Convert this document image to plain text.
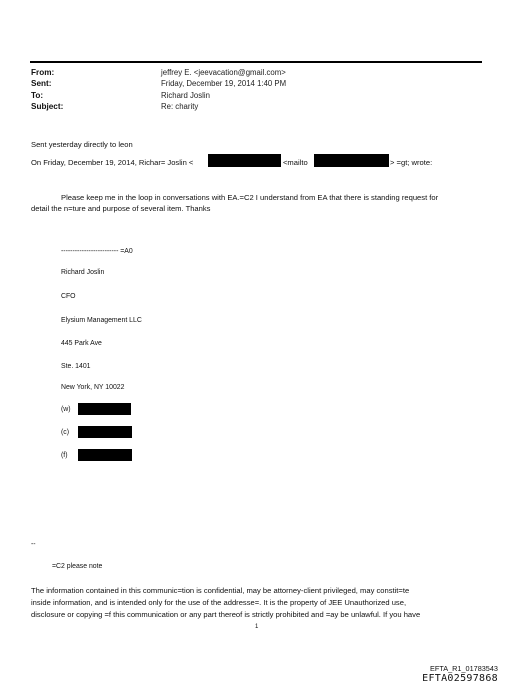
From:	jeffrey E. <jeevacation@gmail.com>
Sent:	Friday, December 19, 2014 1:40 PM
To:	Richard Joslin
Subject:	Re: charity
Sent yesterday directly to leon
On Friday, December 19, 2014, Richar= Joslin <	<mailto	> =gt; wrote:
Please keep me in the loop in conversations with EA.=C2 I understand from EA that there is standing request for
detail the n=ture and purpose of several item. Thanks
------------------------- =A0
Richard Joslin
CFO
Elysium Management LLC
445 Park Ave
Ste. 1401
New York, NY 10022
(w)
(c)
(f)
--
=C2 please note
The information contained in this communic=tion is confidential, may be attorney-client privileged, may constit=te
inside information, and is intended only for the use of the addresse=. It is the property of JEE Unauthorized use,
disclosure or copying =f this communication or any part thereof is strictly prohibited and =ay be unlawful. If you have
1
EFTA_R1_01783543
EFTA02597868
